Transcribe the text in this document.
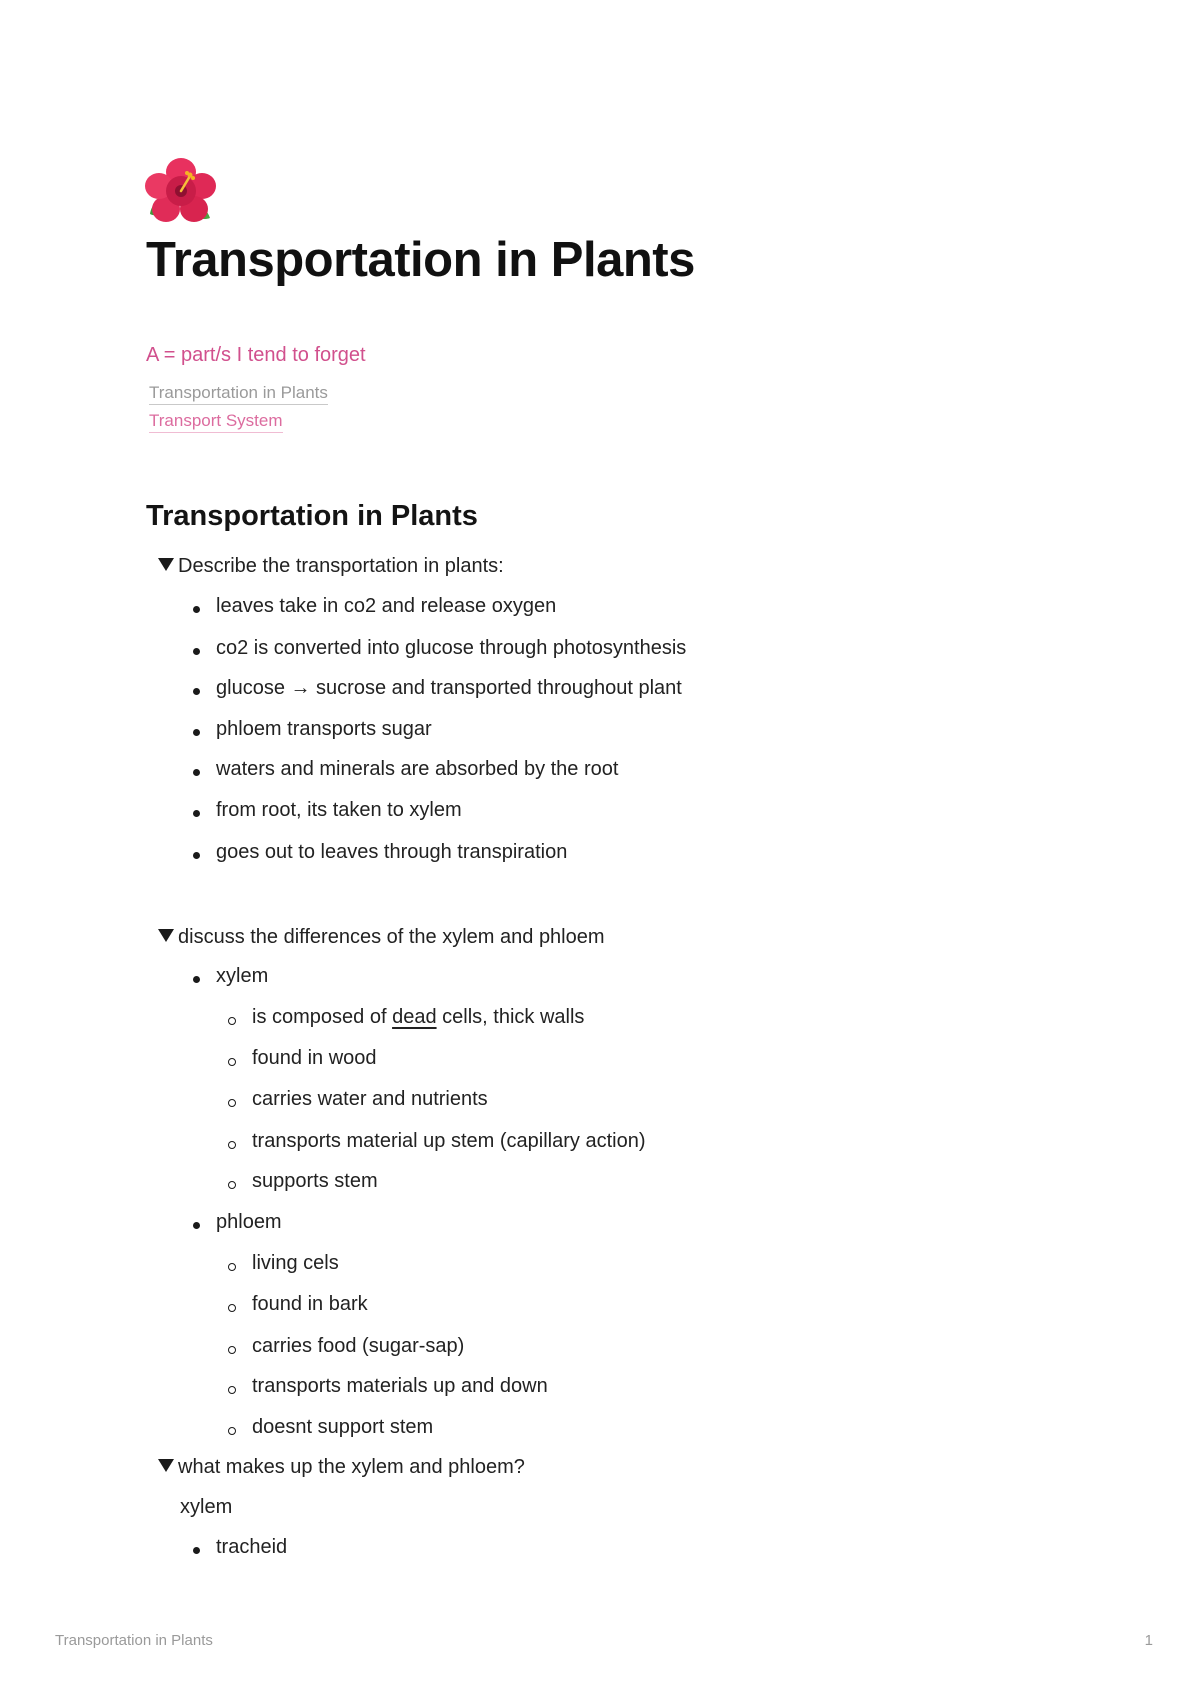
Transportation in Plants
A = part/s I tend to forget
Transportation in Plants
Transport System
Transportation in Plants
Describe the transportation in plants:
leaves take in co2 and release oxygen
co2 is converted into glucose through photosynthesis
glucose → sucrose and transported throughout plant
phloem transports sugar
waters and minerals are absorbed by the root
from root, its taken to xylem
goes out to leaves through transpiration
discuss the differences of the xylem and phloem
xylem
is composed of dead cells, thick walls
found in wood
carries water and nutrients
transports material up stem (capillary action)
supports stem
phloem
living cels
found in bark
carries food (sugar-sap)
transports materials up and down
doesnt support stem
what makes up the xylem and phloem?
xylem
tracheid
Transportation in Plants	1
